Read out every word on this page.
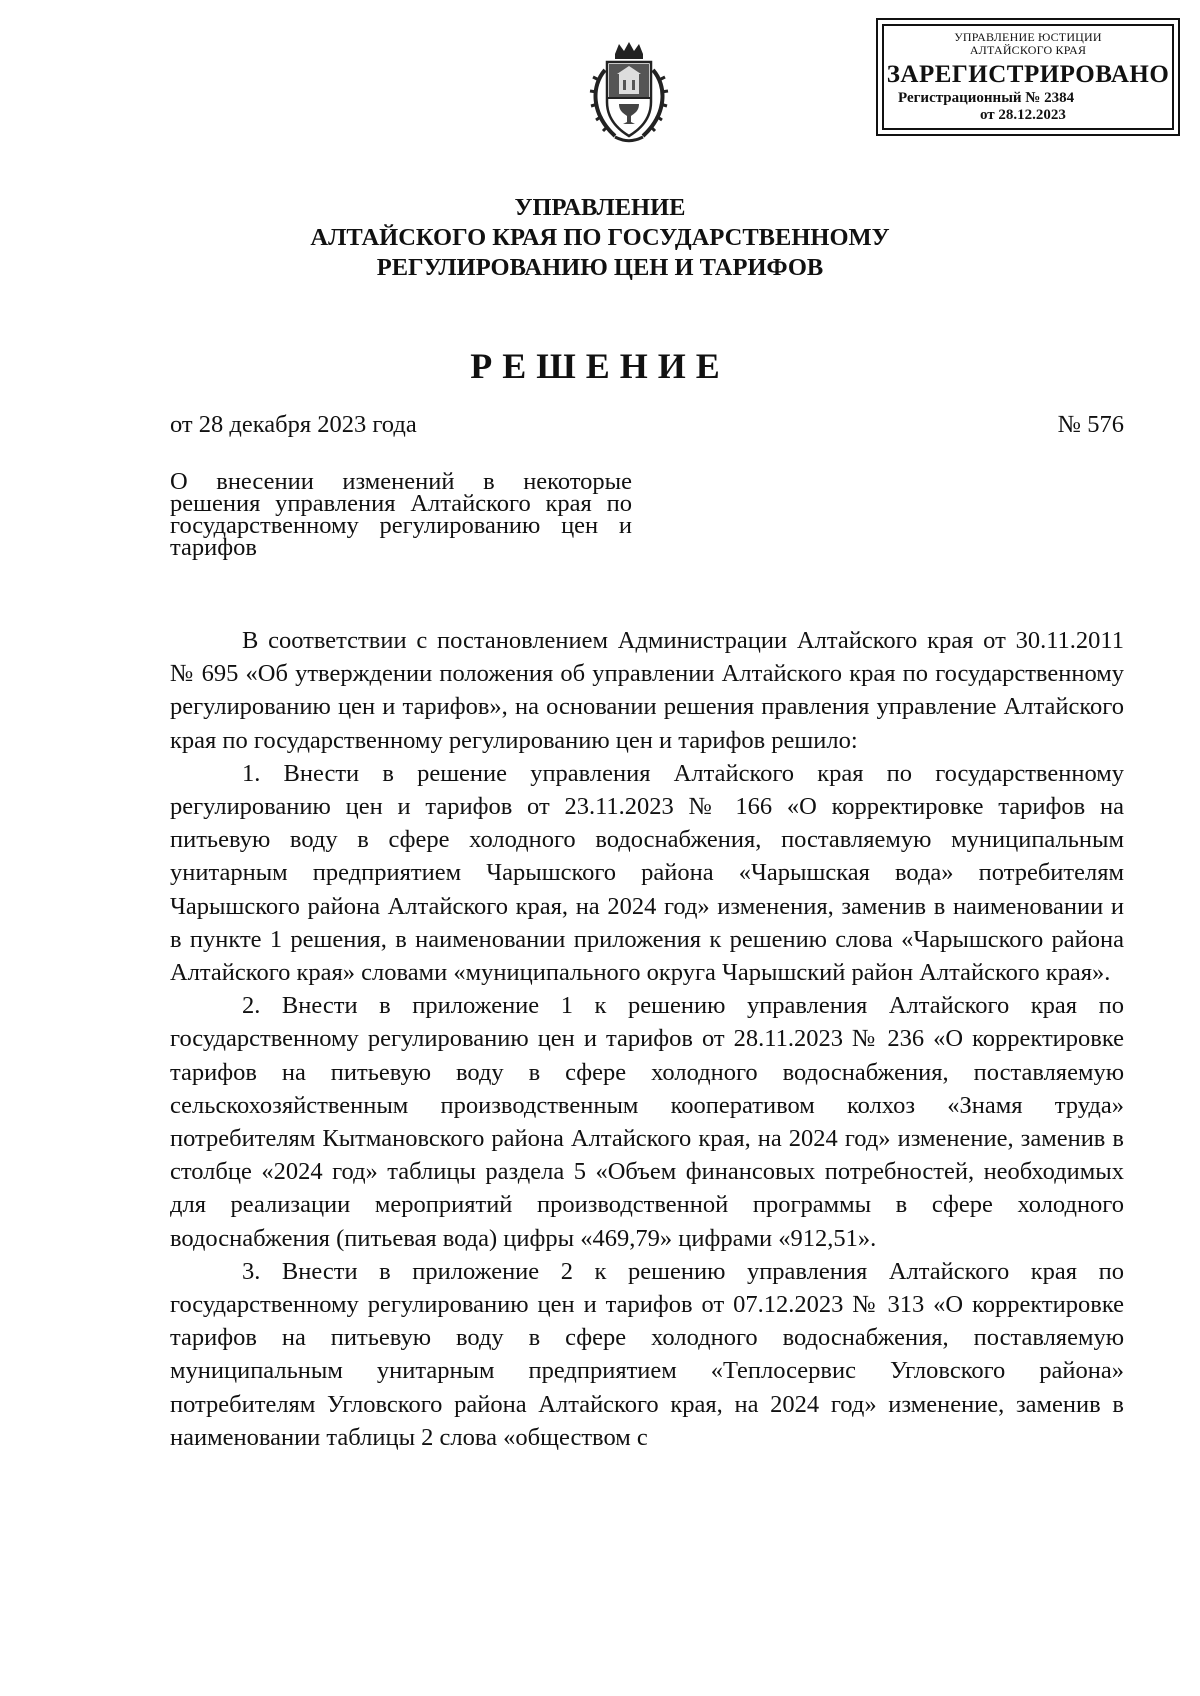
УПРАВЛЕНИЕ ЮСТИЦИИ
АЛТАЙСКОГО КРАЯ
ЗАРЕГИСТРИРОВАНО
Регистрационный № 2384
от 28.12.2023
УПРАВЛЕНИЕ
АЛТАЙСКОГО КРАЯ ПО ГОСУДАРСТВЕННОМУ
РЕГУЛИРОВАНИЮ ЦЕН И ТАРИФОВ
РЕШЕНИЕ
от 28 декабря 2023 года	№ 576
О внесении изменений в некоторые решения управления Алтайского края по государственному регулированию цен и тарифов

В соответствии с постановлением Администрации Алтайского края от 30.11.2011 № 695 «Об утверждении положения об управлении Алтайского края по государственному регулированию цен и тарифов», на основании решения правления управление Алтайского края по государственному регулированию цен и тарифов решило:

1. Внести в решение управления Алтайского края по государственному регулированию цен и тарифов от 23.11.2023 № 166 «О корректировке тарифов на питьевую воду в сфере холодного водоснабжения, поставляемую муниципальным унитарным предприятием Чарышского района «Чарышская вода» потребителям Чарышского района Алтайского края, на 2024 год» изменения, заменив в наименовании и в пункте 1 решения, в наименовании приложения к решению слова «Чарышского района Алтайского края» словами «муниципального округа Чарышский район Алтайского края».

2. Внести в приложение 1 к решению управления Алтайского края по государственному регулированию цен и тарифов от 28.11.2023 № 236 «О корректировке тарифов на питьевую воду в сфере холодного водоснабжения, поставляемую сельскохозяйственным производственным кооперативом колхоз «Знамя труда» потребителям Кытмановского района Алтайского края, на 2024 год» изменение, заменив в столбце «2024 год» таблицы раздела 5 «Объем финансовых потребностей, необходимых для реализации мероприятий производственной программы в сфере холодного водоснабжения (питьевая вода) цифры «469,79» цифрами «912,51».

3. Внести в приложение 2 к решению управления Алтайского края по государственному регулированию цен и тарифов от 07.12.2023 № 313 «О корректировке тарифов на питьевую воду в сфере холодного водоснабжения, поставляемую муниципальным унитарным предприятием «Теплосервис Угловского района» потребителям Угловского района Алтайского края, на 2024 год» изменение, заменив в наименовании таблицы 2 слова «обществом с
